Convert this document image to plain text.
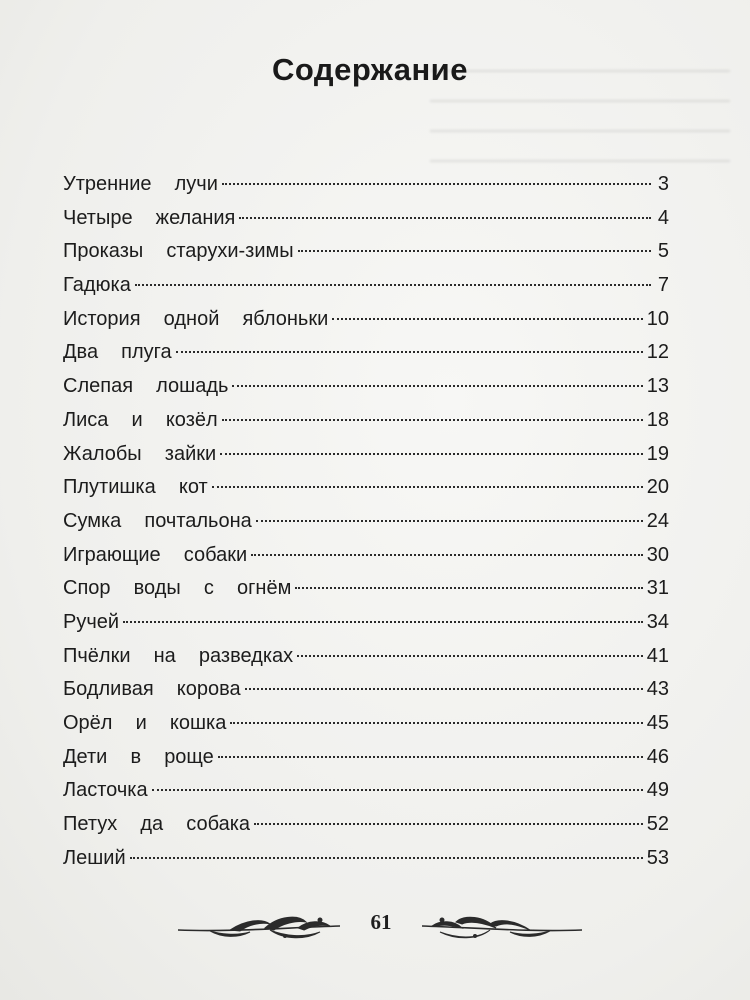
Содержание
Утренние  лучи	3
Четыре  желания	4
Проказы  старухи-зимы	5
Гадюка	7
История  одной  яблоньки	10
Два  плуга	12
Слепая  лошадь	13
Лиса  и  козёл	18
Жалобы  зайки	19
Плутишка  кот	20
Сумка  почтальона	24
Играющие  собаки	30
Спор  воды  с  огнём	31
Ручей	34
Пчёлки  на  разведках	41
Бодливая  корова	43
Орёл  и  кошка	45
Дети  в  роще	46
Ласточка	49
Петух  да  собака	52
Леший	53
61
